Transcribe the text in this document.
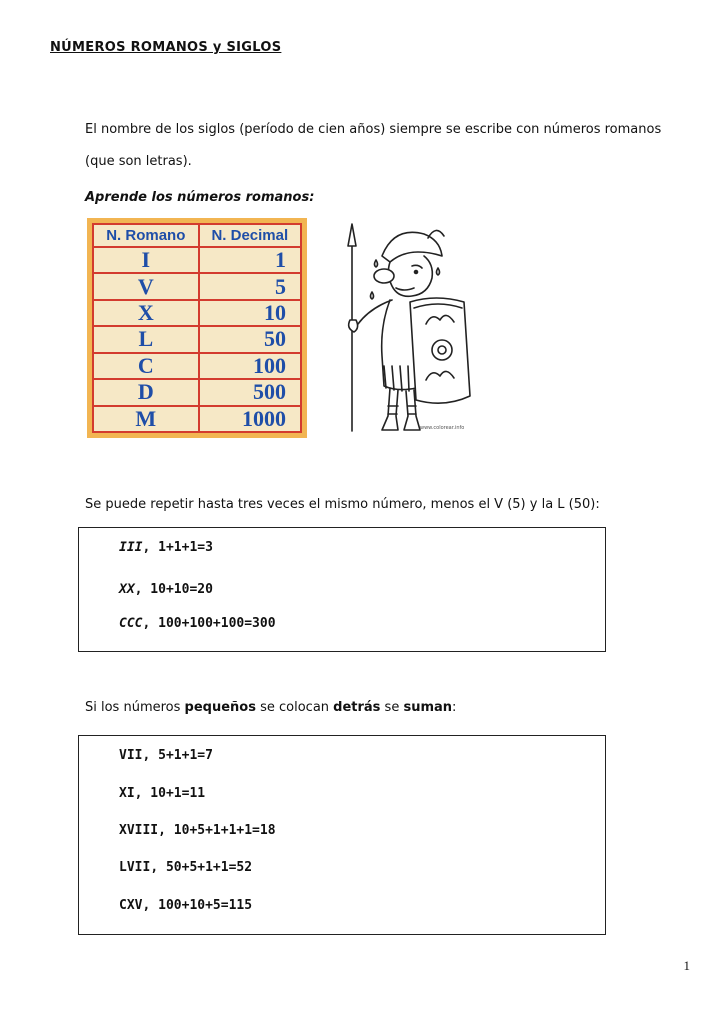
NÚMEROS ROMANOS y SIGLOS
El nombre de los siglos (período de cien años) siempre se escribe con números romanos
(que son letras).
Aprende los números romanos:
N. Romano	N. Decimal
I	1
V	5
X	10
L	50
C	100
D	500
M	1000	www.colorear.info
Se puede repetir hasta tres veces el mismo número, menos el V (5) y la L (50):
III, 1+1+1=3
XX, 10+10=20
CCC, 100+100+100=300
Si los números pequeños se colocan detrás se suman:
VII, 5+1+1=7
XI, 10+1=11
XVIII, 10+5+1+1+1=18
LVII, 50+5+1+1=52
CXV, 100+10+5=115
1
